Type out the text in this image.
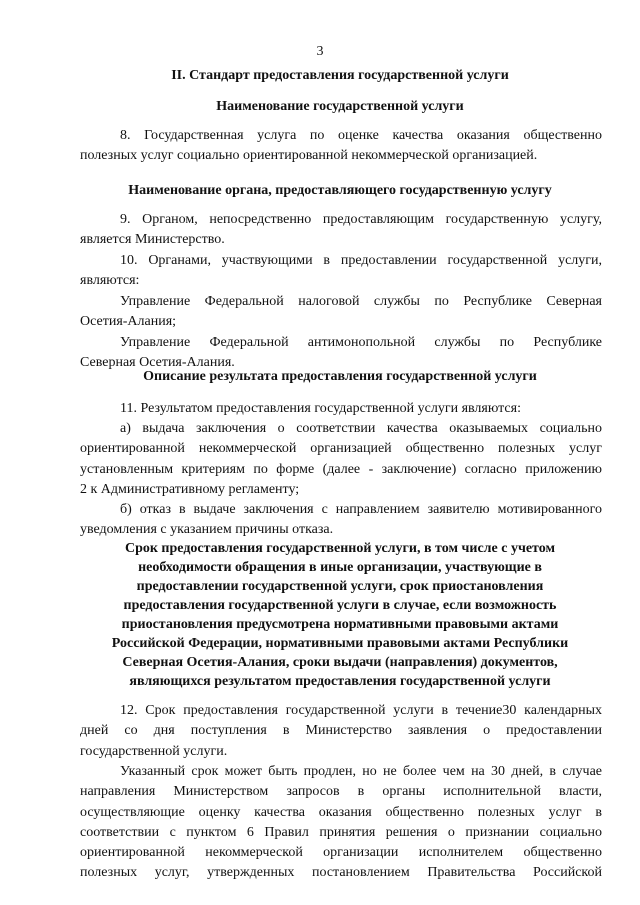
3
II. Стандарт предоставления государственной услуги
Наименование государственной услуги
8. Государственная услуга по оценке качества оказания общественно
полезных услуг социально ориентированной некоммерческой организацией.
Наименование органа, предоставляющего государственную услугу
9. Органом, непосредственно предоставляющим государственную услугу,
является Министерство.
10. Органами, участвующими в предоставлении государственной услуги,
являются:
Управление Федеральной налоговой службы по Республике Северная
Осетия-Алания;
Управление Федеральной антимонопольной службы по Республике
Северная Осетия-Алания.
Описание результата предоставления государственной услуги
11. Результатом предоставления государственной услуги являются:
а) выдача заключения о соответствии качества оказываемых социально
ориентированной некоммерческой организацией общественно полезных услуг
установленным критериям по форме (далее - заключение) согласно приложению
2 к Административному регламенту;
б) отказ в выдаче заключения с направлением заявителю мотивированного
уведомления с указанием причины отказа.
Срок предоставления государственной услуги, в том числе с учетом
необходимости обращения в иные организации, участвующие в
предоставлении государственной услуги, срок приостановления
предоставления государственной услуги в случае, если возможность
приостановления предусмотрена нормативными правовыми актами
Российской Федерации, нормативными правовыми актами Республики
Северная Осетия-Алания, сроки выдачи (направления) документов,
являющихся результатом предоставления государственной услуги
12. Срок предоставления государственной услуги в течение30 календарных
дней со дня поступления в Министерство заявления о предоставлении
государственной услуги.
Указанный срок может быть продлен, но не более чем на 30 дней, в случае
направления Министерством запросов в органы исполнительной власти,
осуществляющие оценку качества оказания общественно полезных услуг в
соответствии с пунктом 6 Правил принятия решения о признании социально
ориентированной некоммерческой организации исполнителем общественно
полезных услуг, утвержденных постановлением Правительства Российской
